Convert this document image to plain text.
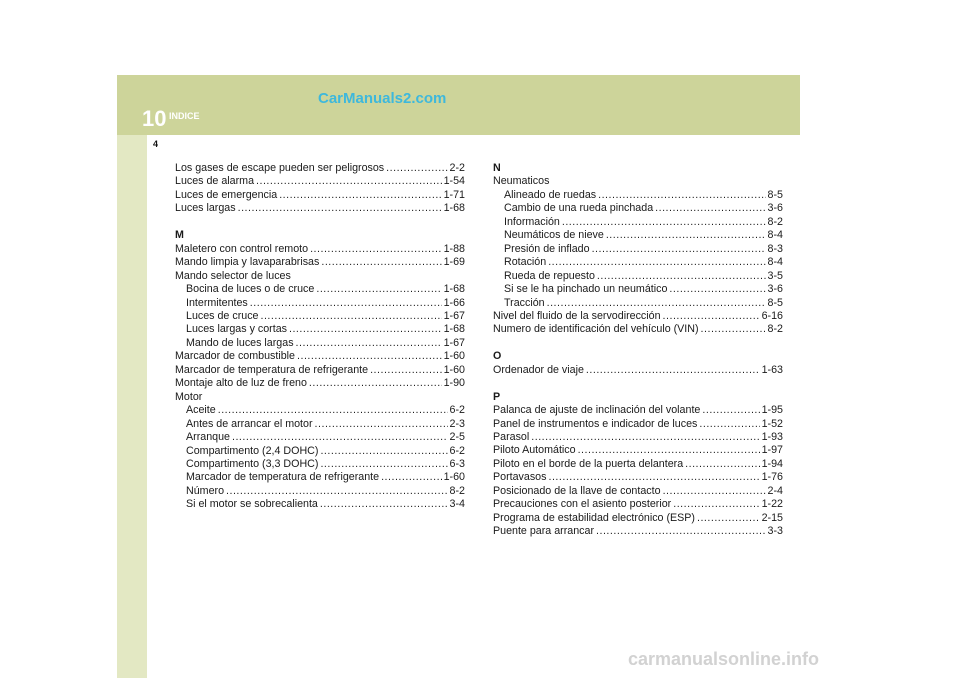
10 INDICE
CarManuals2.com
4
Los gases de escape pueden ser peligrosos .....	2-2
Luces de alarma .....	1-54
Luces de emergencia .....	1-71
Luces largas .....	1-68
M
Maletero con control remoto .....	1-88
Mando limpia y lavaparabrisas .....	1-69
Mando selector de luces
Bocina de luces o de cruce .....	1-68
Intermitentes .....	1-66
Luces de cruce .....	1-67
Luces largas y cortas .....	1-68
Mando de luces largas .....	1-67
Marcador de combustible .....	1-60
Marcador de temperatura de refrigerante .....	1-60
Montaje alto de luz de freno .....	1-90
Motor
Aceite .....	6-2
Antes de arrancar el motor .....	2-3
Arranque .....	2-5
Compartimento (2,4 DOHC) .....	6-2
Compartimento (3,3 DOHC) .....	6-3
Marcador de temperatura de refrigerante .....	1-60
Número .....	8-2
Si el motor se sobrecalienta .....	3-4
N
Neumaticos
Alineado de ruedas .....	8-5
Cambio de una rueda pinchada .....	3-6
Información .....	8-2
Neumáticos de nieve .....	8-4
Presión de inflado .....	8-3
Rotación .....	8-4
Rueda de repuesto .....	3-5
Si se le ha pinchado un neumático .....	3-6
Tracción .....	8-5
Nivel del fluido de la servodirección .....	6-16
Numero de identificación del vehículo (VIN) .....	8-2
O
Ordenador de viaje .....	1-63
P
Palanca de ajuste de inclinación del volante .....	1-95
Panel de instrumentos e indicador de luces .....	1-52
Parasol .....	1-93
Piloto Automático .....	1-97
Piloto en el borde de la puerta delantera .....	1-94
Portavasos .....	1-76
Posicionado de la llave de contacto .....	2-4
Precauciones con el asiento posterior .....	1-22
Programa de estabilidad electrónico (ESP) .....	2-15
Puente para arrancar .....	3-3
carmanualsonline.info
